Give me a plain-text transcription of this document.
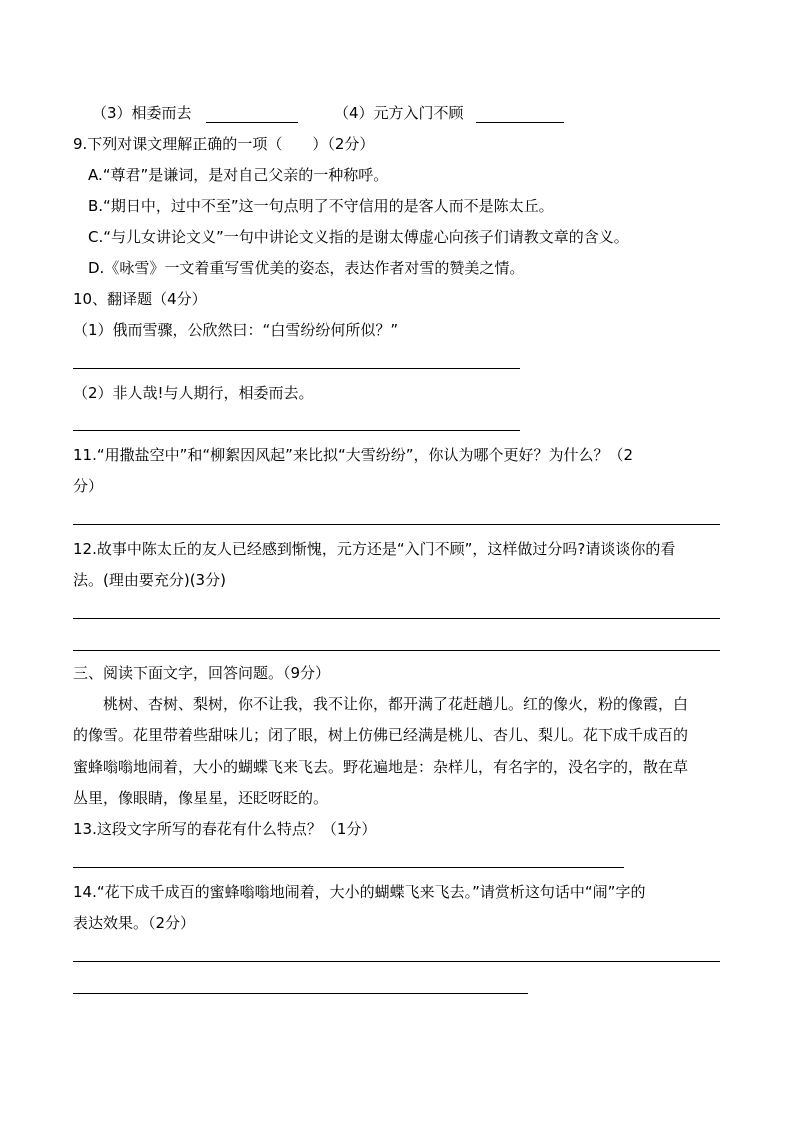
（3）相委而去	（4）元方入门不顾
9.下列对课文理解正确的一项（　　）（2分）
A.“尊君”是谦词，是对自己父亲的一种称呼。
B.“期日中，过中不至”这一句点明了不守信用的是客人而不是陈太丘。
C.“与儿女讲论文义”一句中讲论文义指的是谢太傅虚心向孩子们请教文章的含义。
D.《咏雪》一文着重写雪优美的姿态，表达作者对雪的赞美之情。
10、翻译题（4分）
（1）俄而雪骤，公欣然曰：“白雪纷纷何所似？”
（2）非人哉!与人期行，相委而去。
11.“用撒盐空中”和“柳絮因风起”来比拟“大雪纷纷”，你认为哪个更好？为什么？（2
分）
12.故事中陈太丘的友人已经感到惭愧，元方还是“入门不顾”，这样做过分吗?请谈谈你的看
法。(理由要充分)(3分)
三、阅读下面文字，回答问题。（9分）
桃树、杏树、梨树，你不让我，我不让你，都开满了花赶趟儿。红的像火，粉的像霞，白
的像雪。花里带着些甜味儿；闭了眼，树上仿佛已经满是桃儿、杏儿、梨儿。花下成千成百的
蜜蜂嗡嗡地闹着，大小的蝴蝶飞来飞去。野花遍地是：杂样儿，有名字的，没名字的，散在草
丛里，像眼睛，像星星，还眨呀眨的。
13.这段文字所写的春花有什么特点？（1分）
14.“花下成千成百的蜜蜂嗡嗡地闹着，大小的蝴蝶飞来飞去。”请赏析这句话中“闹”字的
表达效果。（2分）
